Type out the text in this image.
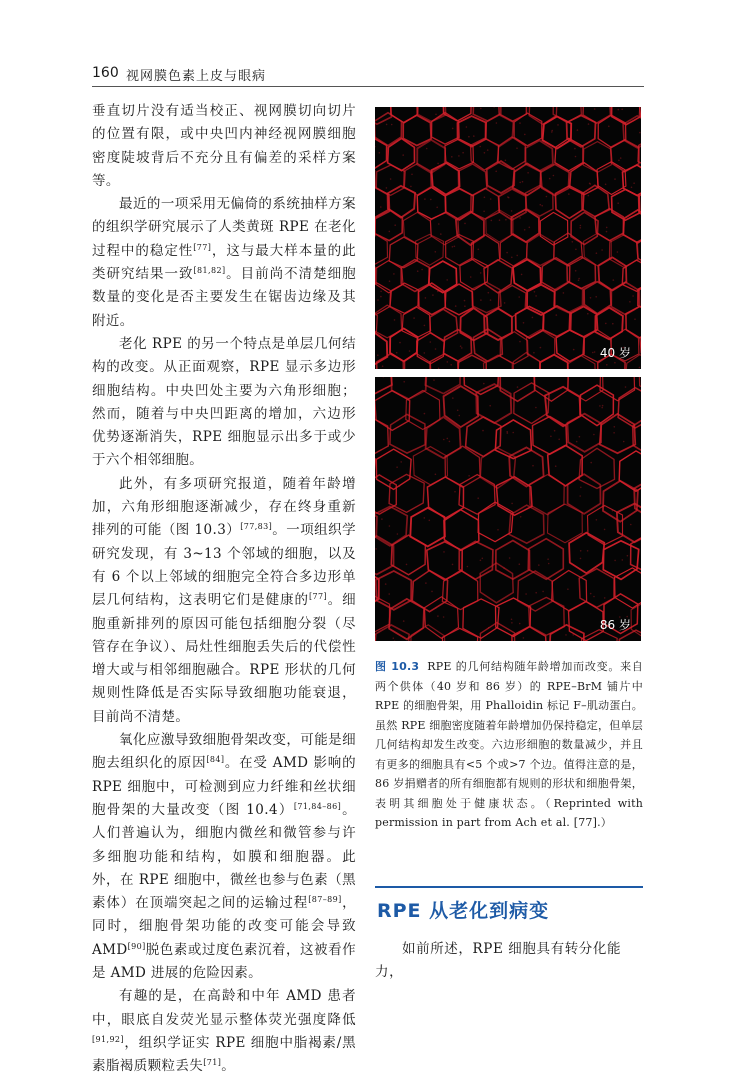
160 视网膜色素上皮与眼病

垂直切片没有适当校正、视网膜切向切片的位置有限，或中央凹内神经视网膜细胞密度陡坡背后不充分且有偏差的采样方案等。

最近的一项采用无偏倚的系统抽样方案的组织学研究展示了人类黄斑 RPE 在老化过程中的稳定性[77]，这与最大样本量的此类研究结果一致[81,82]。目前尚不清楚细胞数量的变化是否主要发生在锯齿边缘及其附近。

老化 RPE 的另一个特点是单层几何结构的改变。从正面观察，RPE 显示多边形细胞结构。中央凹处主要为六角形细胞；然而，随着与中央凹距离的增加，六边形优势逐渐消失，RPE 细胞显示出多于或少于六个相邻细胞。

此外，有多项研究报道，随着年龄增加，六角形细胞逐渐减少，存在终身重新排列的可能（图 10.3）[77,83]。一项组织学研究发现，有 3~13 个邻域的细胞，以及有 6 个以上邻域的细胞完全符合多边形单层几何结构，这表明它们是健康的[77]。细胞重新排列的原因可能包括细胞分裂（尽管存在争议）、局灶性细胞丢失后的代偿性增大或与相邻细胞融合。RPE 形状的几何规则性降低是否实际导致细胞功能衰退，目前尚不清楚。

氧化应激导致细胞骨架改变，可能是细胞去组织化的原因[84]。在受 AMD 影响的 RPE 细胞中，可检测到应力纤维和丝状细胞骨架的大量改变（图 10.4）[71,84–86]。人们普遍认为，细胞内微丝和微管参与许多细胞功能和结构，如膜和细胞器。此外，在 RPE 细胞中，微丝也参与色素（黑素体）在顶端突起之间的运输过程[87–89]，同时，细胞骨架功能的改变可能会导致 AMD[90]脱色素或过度色素沉着，这被看作是 AMD 进展的危险因素。

有趣的是，在高龄和中年 AMD 患者中，眼底自发荧光显示整体荧光强度降低[91,92]，组织学证实 RPE 细胞中脂褐素/黑素脂褐质颗粒丢失[71]。

40 岁
86 岁
图 10.3 RPE 的几何结构随年龄增加而改变。来自两个供体（40 岁和 86 岁）的 RPE–BrM 铺片中 RPE 的细胞骨架，用 Phalloidin 标记 F–肌动蛋白。虽然 RPE 细胞密度随着年龄增加仍保持稳定，但单层几何结构却发生改变。六边形细胞的数量减少，并且有更多的细胞具有<5 个或>7 个边。值得注意的是，86 岁捐赠者的所有细胞都有规则的形状和细胞骨架，表明其细胞处于健康状态。（Reprinted with permission in part from Ach et al. [77].）
RPE 从老化到病变
如前所述，RPE 细胞具有转分化能力，
